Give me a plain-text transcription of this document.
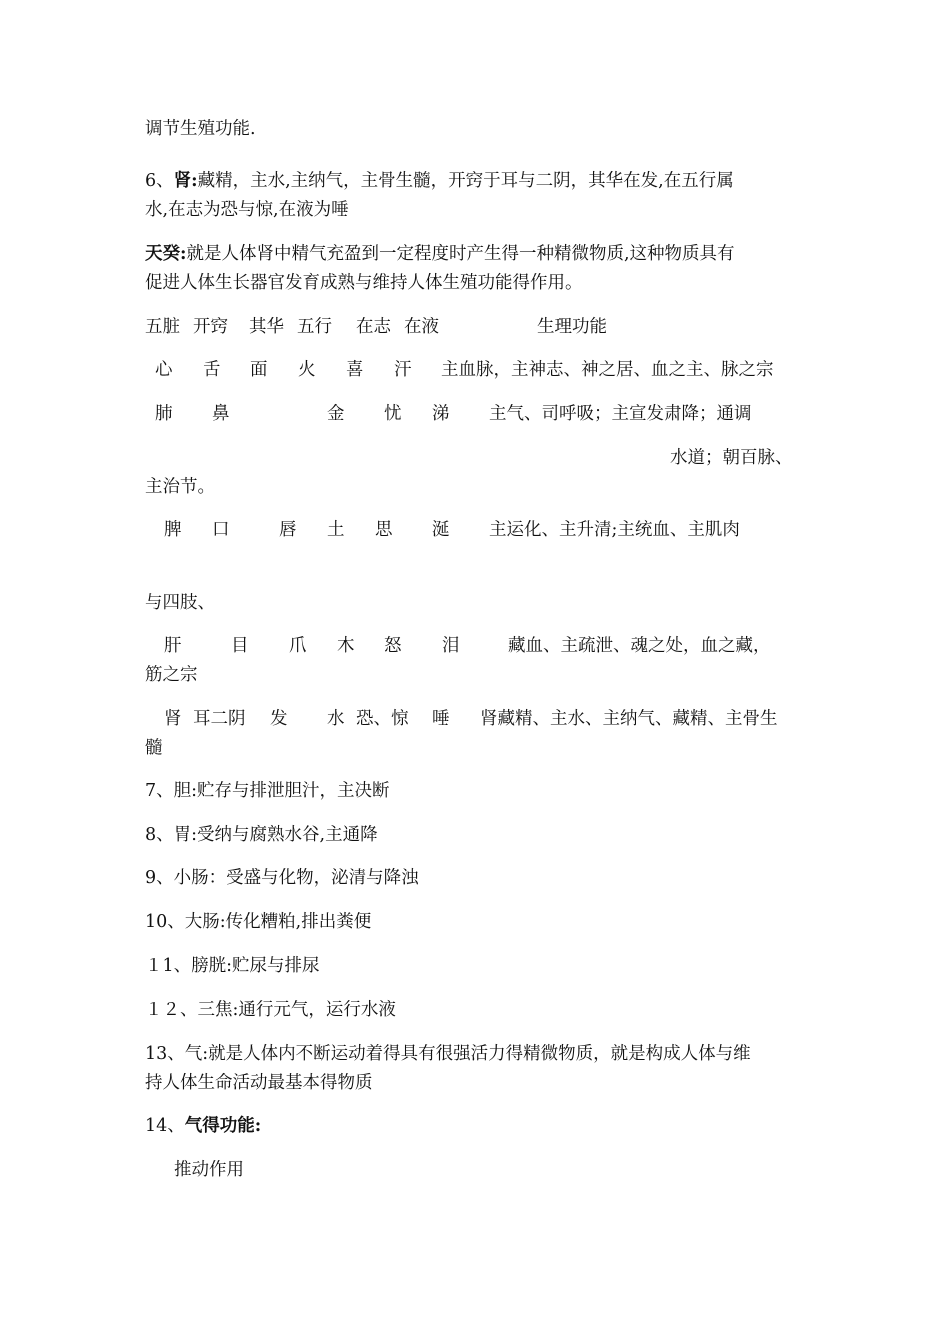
调节生殖功能.
6、肾:藏精，主水,主纳气，主骨生髓，开窍于耳与二阴，其华在发,在五行属
水,在志为恐与惊,在液为唾
天癸:就是人体肾中精气充盈到一定程度时产生得一种精微物质,这种物质具有
促进人体生长器官发育成熟与维持人体生殖功能得作用。
五脏 开窍 其华 五行 在志 在液	生理功能
心 舌 面 火 喜 汗 主血脉，主神志、神之居、血之主、脉之宗
肺 鼻	金 忧 涕 主气、司呼吸；主宣发肃降；通调
水道；朝百脉、
主治节。
脾 口	唇 土 思 涎 主运化、主升清;主统血、主肌肉
与四肢、
肝	目 爪 木 怒 泪	藏血、主疏泄、魂之处，血之藏，
筋之宗
肾 耳二阴 发 水 恐、惊 唾 肾藏精、主水、主纳气、藏精、主骨生
髓
7、胆:贮存与排泄胆汁，主决断
8、胃:受纳与腐熟水谷,主通降
9、小肠：受盛与化物，泌清与降浊
10、大肠:传化糟粕,排出粪便
１1、膀胱:贮尿与排尿
１２、三焦:通行元气，运行水液
13、气:就是人体内不断运动着得具有很强活力得精微物质，就是构成人体与维
持人体生命活动最基本得物质
14、气得功能:
推动作用
